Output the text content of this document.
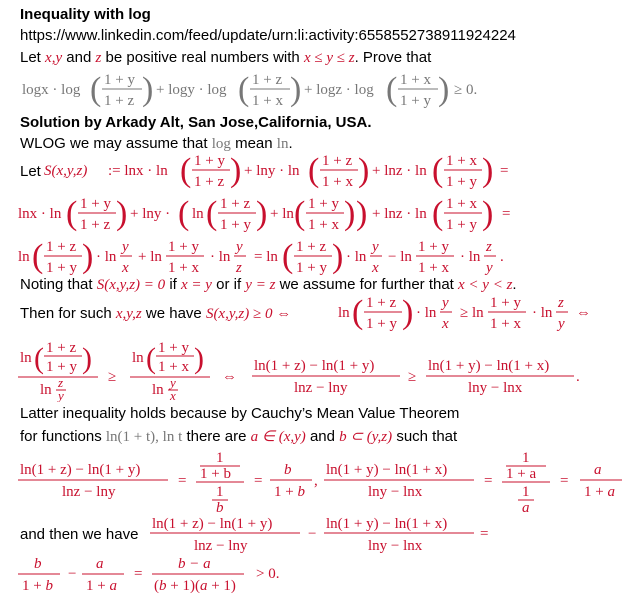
Inequality with log
https://www.linkedin.com/feed/update/urn:li:activity:6558552738911924224
Let x,y and z be positive real numbers with x ≤ y ≤ z. Prove that
logx · log ( 1 + y
1 + z ) + logy · log ( 1 + z
1 + x ) + logz · log ( 1 + x
1 + y ) ≥ 0.
Solution by Arkady Alt, San Jose,California, USA.
WLOG we may assume that log mean ln.
Let S(x,y,z) := lnx · ln ( 1 + y
1 + z ) + lny · ln ( 1 + z
1 + x ) + lnz · ln ( 1 + x
1 + y ) =
lnx · ln ( 1 + y
1 + z ) + lny · ( ln ( 1 + z
1 + y ) + ln ( 1 + y
1 + x ) ) + lnz · ln ( 1 + x
1 + y ) =
ln ( 1 + z
1 + y ) · ln
y
x
+ ln
1 + y
1 + x
· ln
y
z
= ln ( 1 + z
1 + y ) · ln
y
x
− ln
1 + y
1 + x
· ln
z
y
.
Noting that S(x,y,z) = 0 if x = y or if y = z we assume for further that x < y < z.
Then for such x,y,z we have S(x,y,z) ≥ 0 ⇔	ln ( 1 + z
1 + y ) · ln
y
x
≥ ln
1 + y
1 + x
· ln
z
y
⇔
ln ( 1 + z
1 + y )
ln z
y
≥
ln ( 1 + y
1 + x )
ln y
x
⇔
ln(1 + z) − ln(1 + y)
lnz − lny
≥
ln(1 + y) − ln(1 + x)
lny − lnx
.
Latter inequality holds because by Cauchy’s Mean Value Theorem
for functions ln(1 + t), ln t there are a ∈ (x,y) and b ⊂ (y,z) such that
ln(1 + z) − ln(1 + y)
lnz − lny
=
1
1 + b
1
b
=
b
1 + b
,
ln(1 + y) − ln(1 + x)
lny − lnx
=
1
1 + a
1
a
=
a
1 + a
and then we have
ln(1 + z) − ln(1 + y)
lnz − lny
−
ln(1 + y) − ln(1 + x)
lny − lnx
=
b
1 + b
−
a
1 + a
=
b − a
(b + 1)(a + 1)
> 0.
